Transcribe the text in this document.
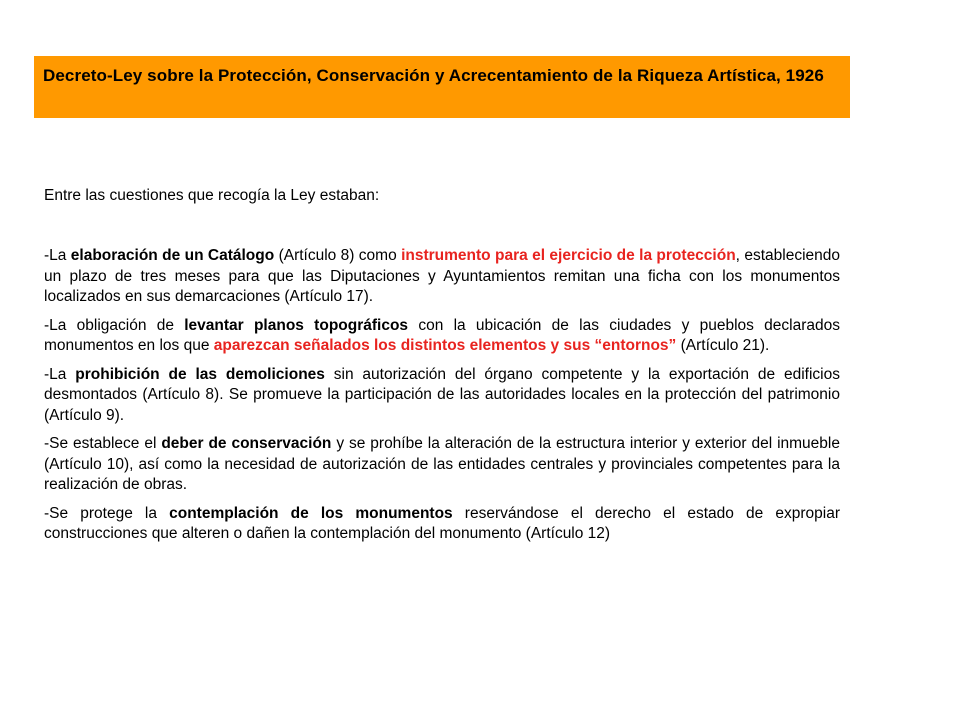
Decreto-Ley sobre la Protección, Conservación y Acrecentamiento de la Riqueza Artística, 1926

Entre las cuestiones que recogía la Ley estaban:

-La elaboración de un Catálogo (Artículo 8) como instrumento para el ejercicio de la protección, estableciendo un plazo de tres meses para que las Diputaciones y Ayuntamientos remitan una ficha con los monumentos localizados en sus demarcaciones (Artículo 17).

-La obligación de levantar planos topográficos con la ubicación de las ciudades y pueblos declarados monumentos en los que aparezcan señalados los distintos elementos y sus “entornos” (Artículo 21).

-La prohibición de las demoliciones sin autorización del órgano competente y la exportación de edificios desmontados (Artículo 8). Se promueve la participación de las autoridades locales en la protección del patrimonio (Artículo 9).

-Se establece el deber de conservación y se prohíbe la alteración de la estructura interior y exterior del inmueble (Artículo 10), así como la necesidad de autorización de las entidades centrales y provinciales competentes para la realización de obras.

-Se protege la contemplación de los monumentos reservándose el derecho el estado de expropiar construcciones que alteren o dañen la contemplación del monumento (Artículo 12)
